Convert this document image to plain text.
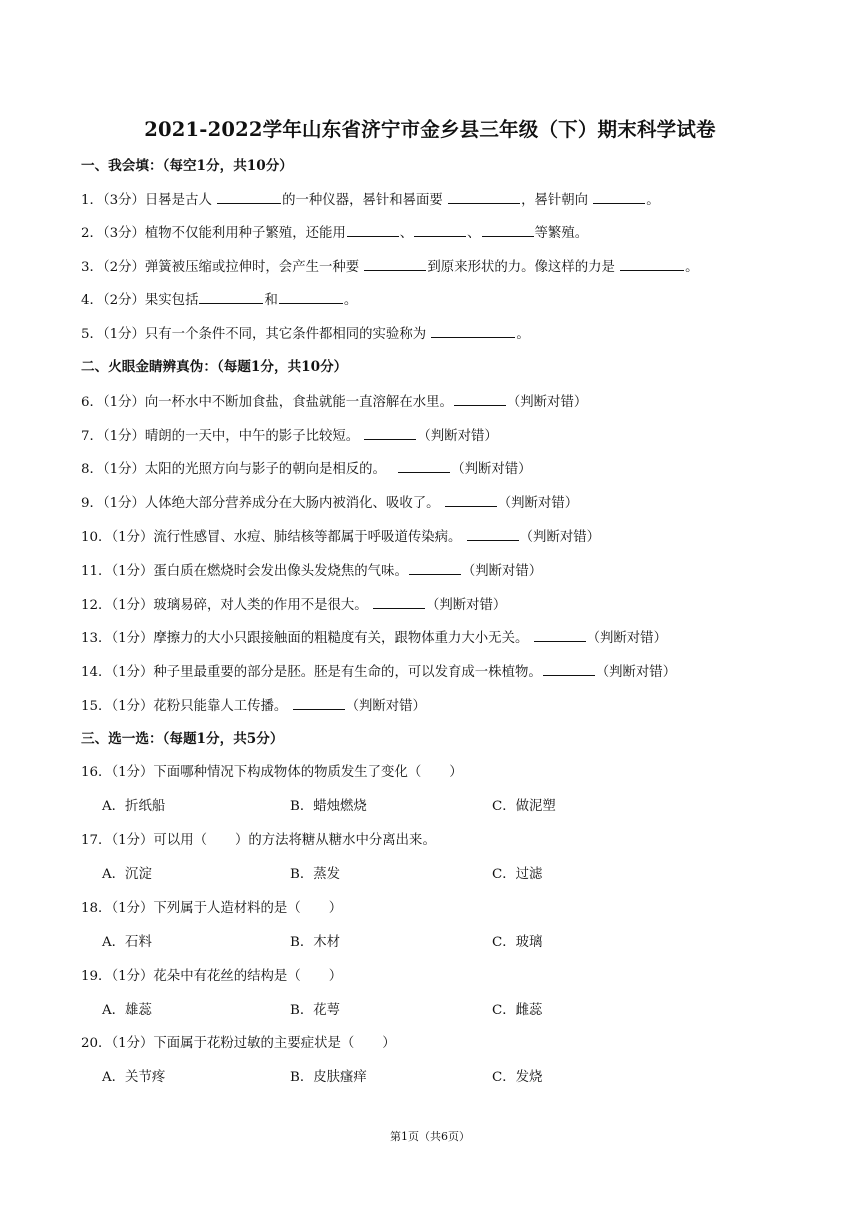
2021-2022学年山东省济宁市金乡县三年级（下）期末科学试卷
一、我会填：（每空1分，共10分）
1．（3分）日晷是古人	的一种仪器，晷针和晷面要	，晷针朝向	。
2．（3分）植物不仅能利用种子繁殖，还能用	、	、	等繁殖。
3．（2分）弹簧被压缩或拉伸时，会产生一种要	到原来形状的力。像这样的力是	。
4．（2分）果实包括	和	。
5．（1分）只有一个条件不同，其它条件都相同的实验称为	。
二、火眼金睛辨真伪：（每题1分，共10分）
6．（1分）向一杯水中不断加食盐，食盐就能一直溶解在水里。	（判断对错）
7．（1分）晴朗的一天中，中午的影子比较短。	（判断对错）
8．（1分）太阳的光照方向与影子的朝向是相反的。	（判断对错）
9．（1分）人体绝大部分营养成分在大肠内被消化、吸收了。	（判断对错）
10．（1分）流行性感冒、水痘、肺结核等都属于呼吸道传染病。	（判断对错）
11．（1分）蛋白质在燃烧时会发出像头发烧焦的气味。	（判断对错）
12．（1分）玻璃易碎，对人类的作用不是很大。	（判断对错）
13．（1分）摩擦力的大小只跟接触面的粗糙度有关，跟物体重力大小无关。	（判断对错）
14．（1分）种子里最重要的部分是胚。胚是有生命的，可以发育成一株植物。	（判断对错）
15．（1分）花粉只能靠人工传播。	（判断对错）
三、选一选：（每题1分，共5分）
16．（1分）下面哪种情况下构成物体的物质发生了变化（ ）
A．折纸船	B．蜡烛燃烧	C．做泥塑
17．（1分）可以用（ ）的方法将糖从糖水中分离出来。
A．沉淀	B．蒸发	C．过滤
18．（1分）下列属于人造材料的是（ ）
A．石料	B．木材	C．玻璃
19．（1分）花朵中有花丝的结构是（ ）
A．雄蕊	B．花萼	C．雌蕊
20．（1分）下面属于花粉过敏的主要症状是（ ）
A．关节疼	B．皮肤瘙痒	C．发烧
第1页（共6页）
